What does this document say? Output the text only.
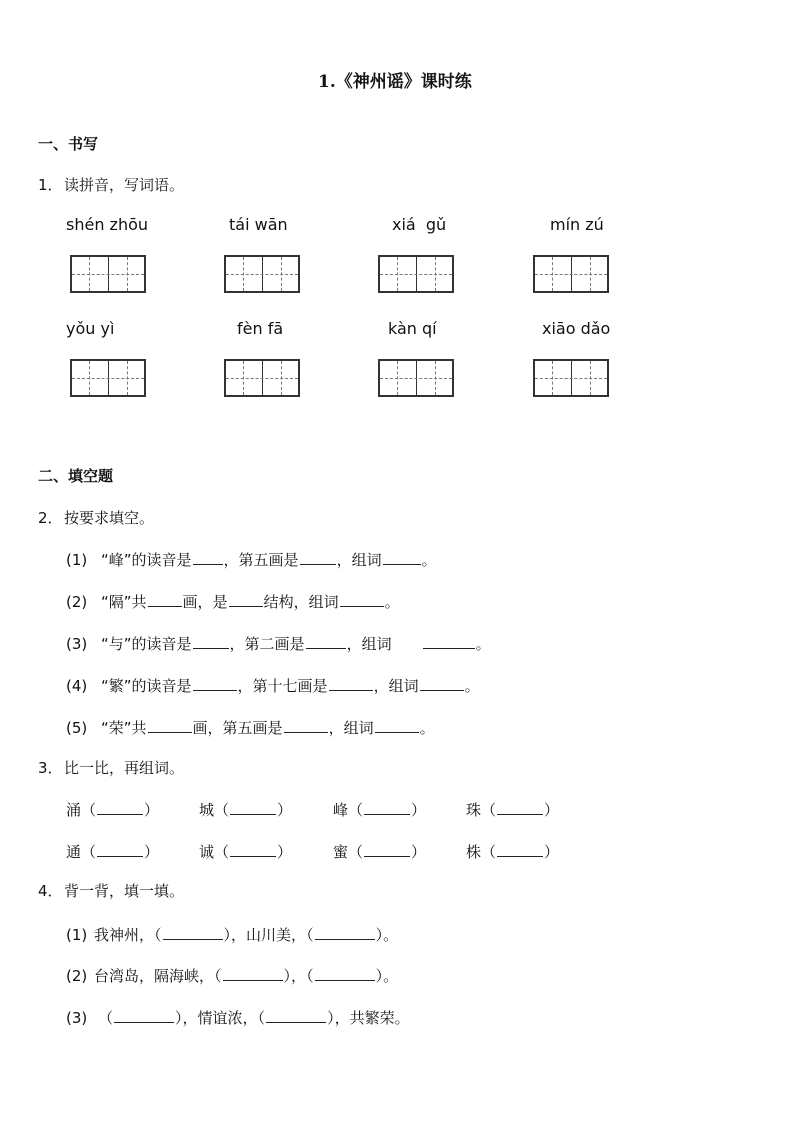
1.《神州谣》课时练
一、书写
1． 读拼音，写词语。
shén zhōu	tái wān	xiá  gǔ	mín zú
yǒu yì	fèn fā	kàn qí	xiāo dǎo
二、填空题
2． 按要求填空。
(1) “峰”的读音是 ，第五画是	，组词	。
(2) “隔”共 画，是 结构，组词	。
(3) “与”的读音是	，第二画是	，组词	。
(4) “繁”的读音是	，第十七画是	，组词	。
(5) “荣”共	画，第五画是	，组词	。
3． 比一比，再组词。
涌（	）	城（	）	峰（	）	珠（	）
通（	）	诚（	）	蜜（	）	株（	）
4． 背一背，填一填。
(1) 我神州，（	），山川美，（	）。
(2) 台湾岛，隔海峡，（	），（	）。
(3) （	），情谊浓，（	），共繁荣。
